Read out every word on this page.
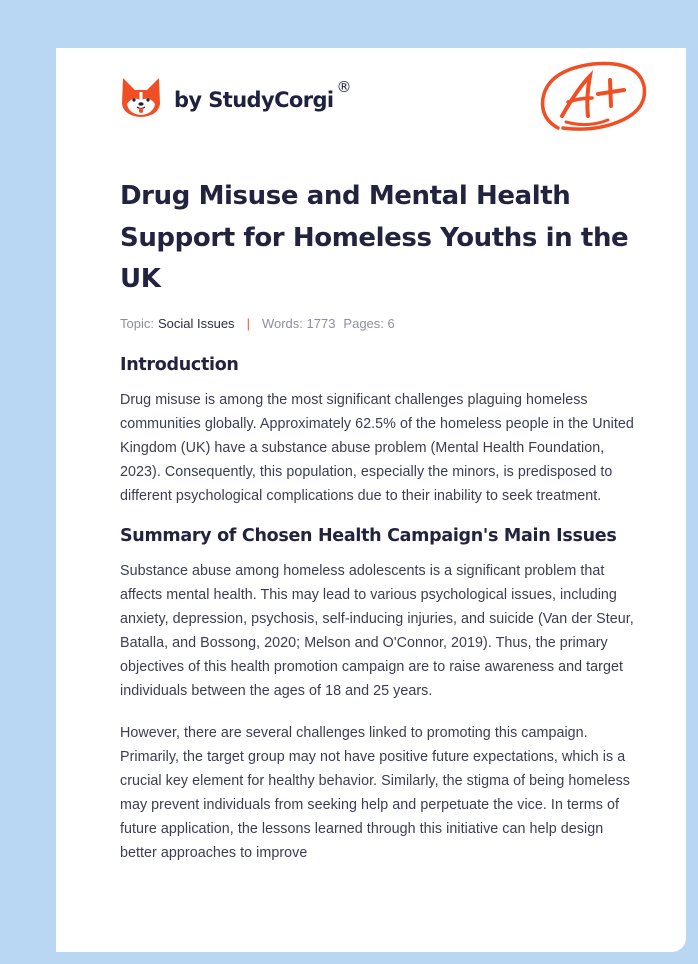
by StudyCorgi
®
Drug Misuse and Mental Health Support for Homeless Youths in the UK
Topic: Social Issues | Words: 1773 Pages: 6
Introduction

Drug misuse is among the most significant challenges plaguing homeless communities globally. Approximately 62.5% of the homeless people in the United Kingdom (UK) have a substance abuse problem (Mental Health Foundation, 2023). Consequently, this population, especially the minors, is predisposed to different psychological complications due to their inability to seek treatment.

Summary of Chosen Health Campaign's Main Issues

Substance abuse among homeless adolescents is a significant problem that affects mental health. This may lead to various psychological issues, including anxiety, depression, psychosis, self-inducing injuries, and suicide (Van der Steur, Batalla, and Bossong, 2020; Melson and O'Connor, 2019). Thus, the primary objectives of this health promotion campaign are to raise awareness and target individuals between the ages of 18 and 25 years.

However, there are several challenges linked to promoting this campaign. Primarily, the target group may not have positive future expectations, which is a crucial key element for healthy behavior. Similarly, the stigma of being homeless may prevent individuals from seeking help and perpetuate the vice. In terms of future application, the lessons learned through this initiative can help design better approaches to improve
